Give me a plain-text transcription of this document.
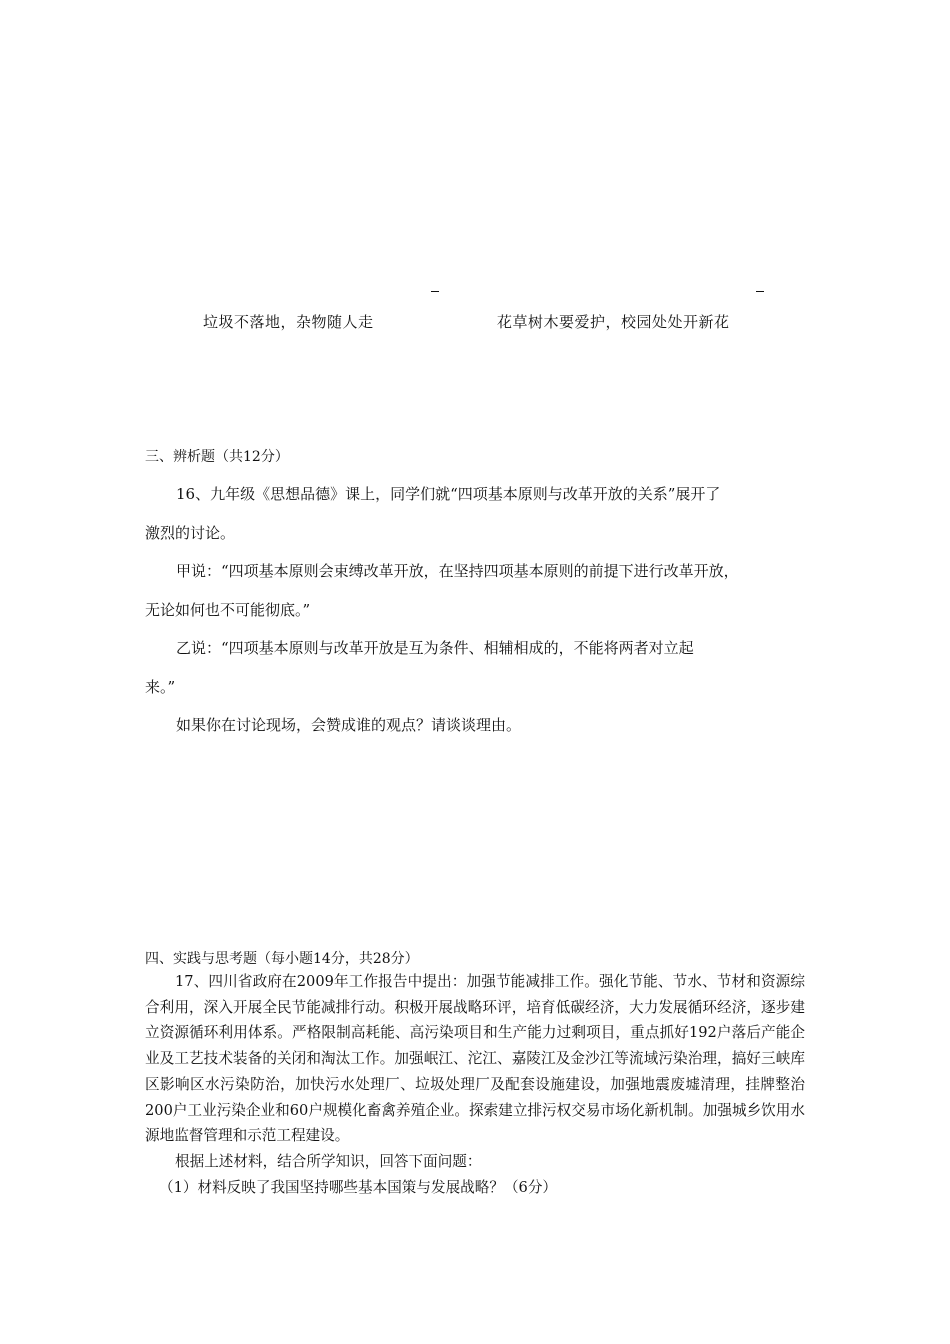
垃圾不落地，杂物随人走	花草树木要爱护，校园处处开新花
三、辨析题（共12分）
16、九年级《思想品德》课上，同学们就“四项基本原则与改革开放的关系”展开了
激烈的讨论。
甲说：“四项基本原则会束缚改革开放，在坚持四项基本原则的前提下进行改革开放，
无论如何也不可能彻底。”
乙说：“四项基本原则与改革开放是互为条件、相辅相成的，不能将两者对立起
来。”
如果你在讨论现场，会赞成谁的观点？请谈谈理由。
四、实践与思考题（每小题14分，共28分）

17、四川省政府在2009年工作报告中提出：加强节能减排工作。强化节能、节水、节材和资源综合利用，深入开展全民节能减排行动。积极开展战略环评，培育低碳经济，大力发展循环经济，逐步建立资源循环利用体系。严格限制高耗能、高污染项目和生产能力过剩项目，重点抓好192户落后产能企业及工艺技术装备的关闭和淘汰工作。加强岷江、沱江、嘉陵江及金沙江等流域污染治理，搞好三峡库区影响区水污染防治，加快污水处理厂、垃圾处理厂及配套设施建设，加强地震废墟清理，挂牌整治200户工业污染企业和60户规模化畜禽养殖企业。探索建立排污权交易市场化新机制。加强城乡饮用水源地监督管理和示范工程建设。

根据上述材料，结合所学知识，回答下面问题：

（1）材料反映了我国坚持哪些基本国策与发展战略？（6分）
